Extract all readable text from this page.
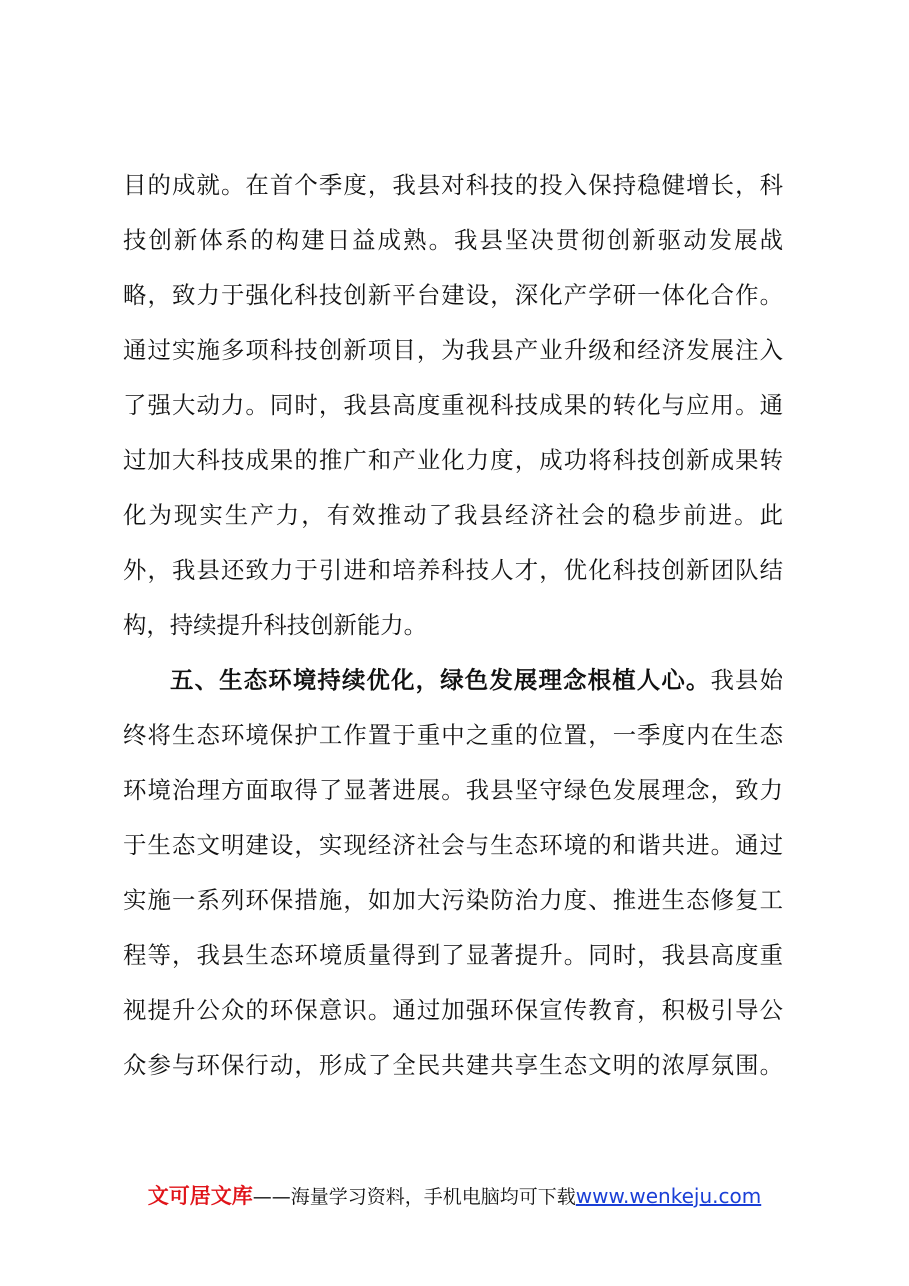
目的成就。在首个季度，我县对科技的投入保持稳健增长，科
技创新体系的构建日益成熟。我县坚决贯彻创新驱动发展战
略，致力于强化科技创新平台建设，深化产学研一体化合作。
通过实施多项科技创新项目，为我县产业升级和经济发展注入
了强大动力。同时，我县高度重视科技成果的转化与应用。通
过加大科技成果的推广和产业化力度，成功将科技创新成果转
化为现实生产力，有效推动了我县经济社会的稳步前进。此
外，我县还致力于引进和培养科技人才，优化科技创新团队结
构，持续提升科技创新能力。
五、生态环境持续优化，绿色发展理念根植人心。我县始
终将生态环境保护工作置于重中之重的位置，一季度内在生态
环境治理方面取得了显著进展。我县坚守绿色发展理念，致力
于生态文明建设，实现经济社会与生态环境的和谐共进。通过
实施一系列环保措施，如加大污染防治力度、推进生态修复工
程等，我县生态环境质量得到了显著提升。同时，我县高度重
视提升公众的环保意识。通过加强环保宣传教育，积极引导公
众参与环保行动，形成了全民共建共享生态文明的浓厚氛围。
文可居文库——海量学习资料，手机电脑均可下载www.wenkeju.com
